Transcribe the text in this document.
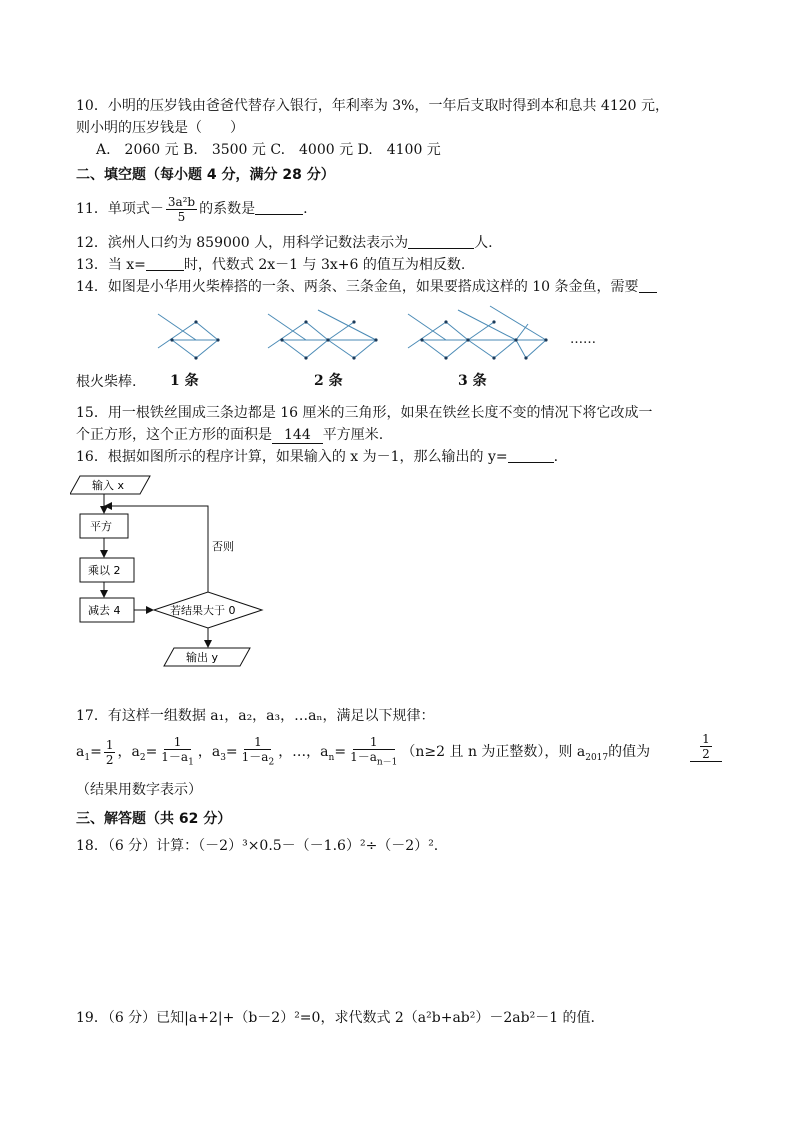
10．小明的压岁钱由爸爸代替存入银行，年利率为 3%，一年后支取时得到本和息共 4120 元，
则小明的压岁钱是（　　）
A.　2060 元 B.　3500 元 C.　4000 元 D.　4100 元
二、填空题（每小题 4 分，满分 28 分）
11．单项式－ $\frac{\text{3a²b}}{5}$ 的系数是	.
12．滨州人口约为 859000 人，用科学记数法表示为	人.
13．当 x=	时，代数式 2x－1 与 3x+6 的值互为相反数.
14．如图是小华用火柴棒搭的一条、两条、三条金鱼，如果要搭成这样的 10 条金鱼，需要
……
根火柴棒. 1 条	2 条	3 条
15．用一根铁丝围成三条边都是 16 厘米的三角形，如果在铁丝长度不变的情况下将它改成一
个正方形，这个正方形的面积是 144 平方厘米.
16．根据如图所示的程序计算，如果输入的 x 为－1，那么输出的 y=	.
输入 x
平方
乘以 2
减去 4	若结果大于 0
否则
输出 y
17．有这样一组数据 a₁，a₂，a₃，…aₙ，满足以下规律：
$a_1= \frac{1}{2}$ ，$a_2= \frac{1}{1-a_1}$ ，$a_3= \frac{1}{1-a_2}$ ，…，$a_n= \frac{1}{1-a_{n-1}} (n\ge 2$ 且 n 为正整数），则 $a_{2017}$的值为	$\frac{1}{2}$
（结果用数字表示）
三、解答题（共 62 分）
18．（6 分）计算：（－2）³×0.5－（－1.6）²÷（－2）².
19．（6 分）已知|a+2|+（b－2）²=0，求代数式 2（a²b+ab²）－2ab²－1 的值.
